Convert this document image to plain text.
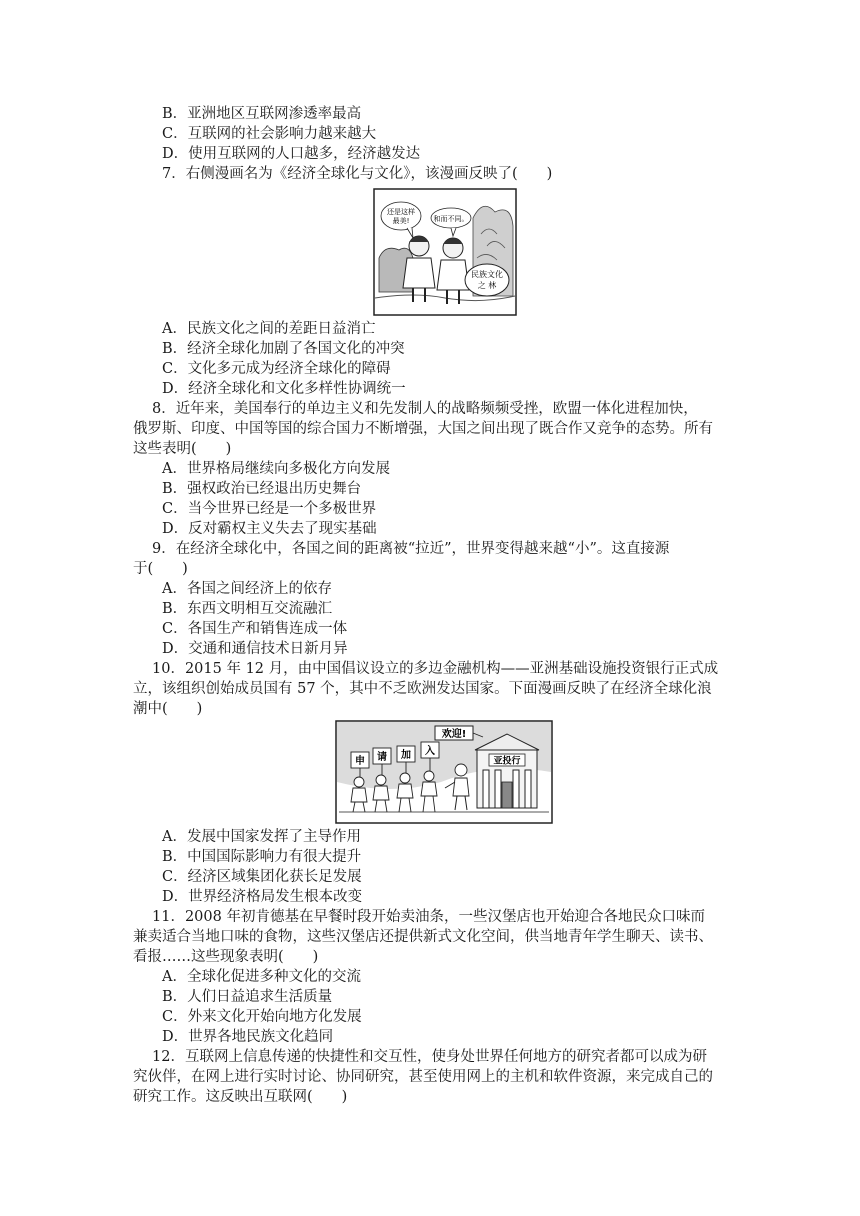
B．亚洲地区互联网渗透率最高
C．互联网的社会影响力越来越大
D．使用互联网的人口越多，经济越发达
7．右侧漫画名为《经济全球化与文化》，该漫画反映了(　　)
还是这样
最美!	和而不同。
民族文化
之 林
A．民族文化之间的差距日益消亡
B．经济全球化加剧了各国文化的冲突
C．文化多元成为经济全球化的障碍
D．经济全球化和文化多样性协调统一
8．近年来，美国奉行的单边主义和先发制人的战略频频受挫，欧盟一体化进程加快，
俄罗斯、印度、中国等国的综合国力不断增强，大国之间出现了既合作又竞争的态势。所有
这些表明(　　)
A．世界格局继续向多极化方向发展
B．强权政治已经退出历史舞台
C．当今世界已经是一个多极世界
D．反对霸权主义失去了现实基础
9．在经济全球化中，各国之间的距离被“拉近”，世界变得越来越“小”。这直接源
于(　　)
A．各国之间经济上的依存
B．东西文明相互交流融汇
C．各国生产和销售连成一体
D．交通和通信技术日新月异
10．2015 年 12 月，由中国倡议设立的多边金融机构——亚洲基础设施投资银行正式成
立，该组织创始成员国有 57 个，其中不乏欧洲发达国家。下面漫画反映了在经济全球化浪
潮中(　　)
申 请 加 入
亚投行
欢迎!
A．发展中国家发挥了主导作用
B．中国国际影响力有很大提升
C．经济区域集团化获长足发展
D．世界经济格局发生根本改变
11．2008 年初肯德基在早餐时段开始卖油条，一些汉堡店也开始迎合各地民众口味而
兼卖适合当地口味的食物，这些汉堡店还提供新式文化空间，供当地青年学生聊天、读书、
看报……这些现象表明(　　)
A．全球化促进多种文化的交流
B．人们日益追求生活质量
C．外来文化开始向地方化发展
D．世界各地民族文化趋同
12．互联网上信息传递的快捷性和交互性，使身处世界任何地方的研究者都可以成为研
究伙伴，在网上进行实时讨论、协同研究，甚至使用网上的主机和软件资源，来完成自己的
研究工作。这反映出互联网(　　)
